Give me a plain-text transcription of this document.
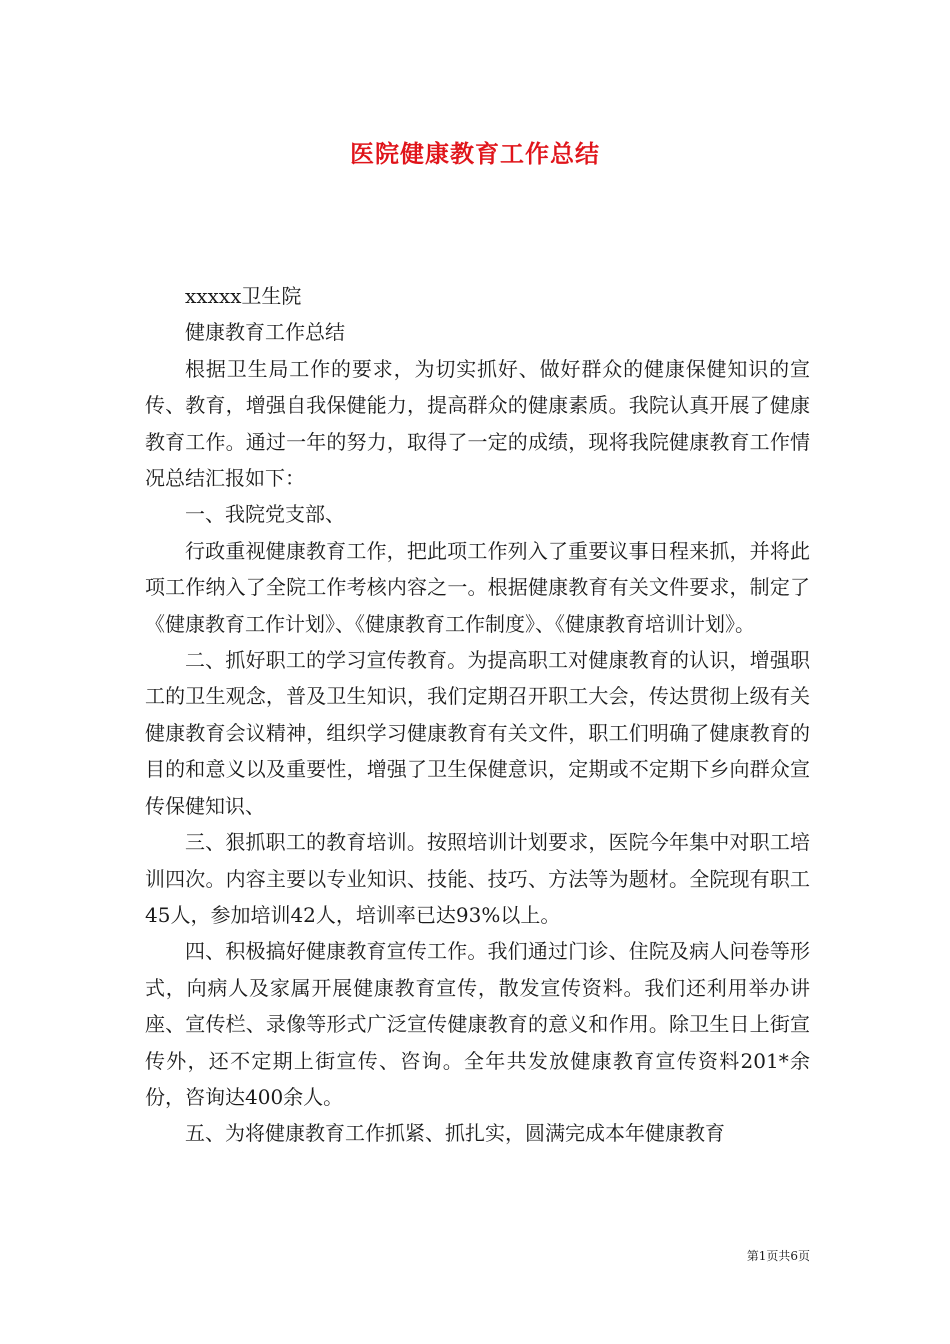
医院健康教育工作总结

xxxxx卫生院

健康教育工作总结

根据卫生局工作的要求，为切实抓好、做好群众的健康保健知识的宣传、教育，增强自我保健能力，提高群众的健康素质。我院认真开展了健康教育工作。通过一年的努力，取得了一定的成绩，现将我院健康教育工作情况总结汇报如下：

一、我院党支部、

行政重视健康教育工作，把此项工作列入了重要议事日程来抓，并将此项工作纳入了全院工作考核内容之一。根据健康教育有关文件要求，制定了《健康教育工作计划》、《健康教育工作制度》、《健康教育培训计划》。

二、抓好职工的学习宣传教育。为提高职工对健康教育的认识，增强职工的卫生观念，普及卫生知识，我们定期召开职工大会，传达贯彻上级有关健康教育会议精神，组织学习健康教育有关文件，职工们明确了健康教育的目的和意义以及重要性，增强了卫生保健意识，定期或不定期下乡向群众宣传保健知识、

三、狠抓职工的教育培训。按照培训计划要求，医院今年集中对职工培训四次。内容主要以专业知识、技能、技巧、方法等为题材。全院现有职工45人，参加培训42人，培训率已达93%以上。

四、积极搞好健康教育宣传工作。我们通过门诊、住院及病人问卷等形式，向病人及家属开展健康教育宣传，散发宣传资料。我们还利用举办讲座、宣传栏、录像等形式广泛宣传健康教育的意义和作用。除卫生日上街宣传外，还不定期上街宣传、咨询。全年共发放健康教育宣传资料201*余份，咨询达400余人。

五、为将健康教育工作抓紧、抓扎实，圆满完成本年健康教育

第1页共6页
